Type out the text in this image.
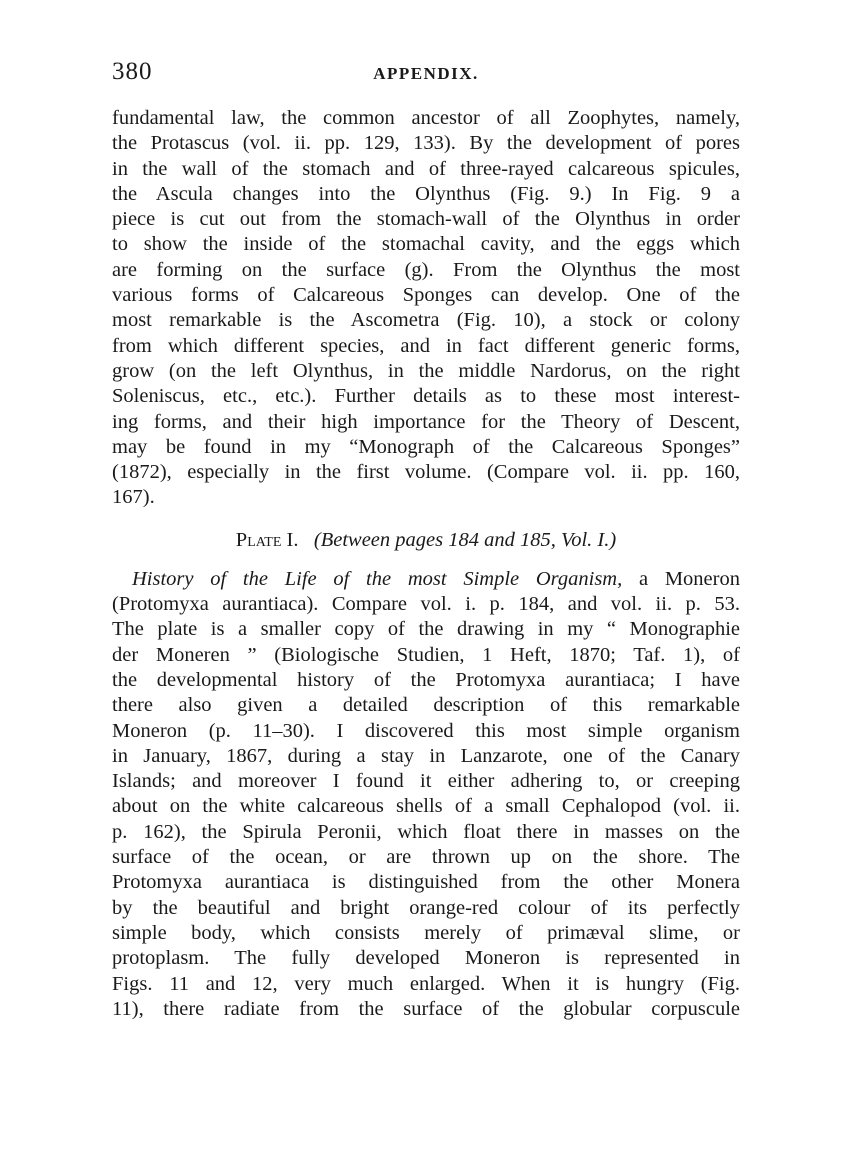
380	APPENDIX.
fundamental law, the common ancestor of all Zoophytes, namely,
the Protascus (vol. ii. pp. 129, 133). By the development of pores
in the wall of the stomach and of three-rayed calcareous spicules,
the Ascula changes into the Olynthus (Fig. 9.) In Fig. 9 a
piece is cut out from the stomach-wall of the Olynthus in order
to show the inside of the stomachal cavity, and the eggs which
are forming on the surface (g). From the Olynthus the most
various forms of Calcareous Sponges can develop. One of the
most remarkable is the Ascometra (Fig. 10), a stock or colony
from which different species, and in fact different generic forms,
grow (on the left Olynthus, in the middle Nardorus, on the right
Soleniscus, etc., etc.). Further details as to these most interest-
ing forms, and their high importance for the Theory of Descent,
may be found in my “Monograph of the Calcareous Sponges”
(1872), especially in the first volume. (Compare vol. ii. pp. 160,
167).
Plate I. (Between pages 184 and 185, Vol. I.)
History of the Life of the most Simple Organism, a Moneron
(Protomyxa aurantiaca). Compare vol. i. p. 184, and vol. ii. p. 53.
The plate is a smaller copy of the drawing in my “ Monographie
der Moneren ” (Biologische Studien, 1 Heft, 1870; Taf. 1), of
the developmental history of the Protomyxa aurantiaca; I have
there also given a detailed description of this remarkable
Moneron (p. 11–30). I discovered this most simple organism
in January, 1867, during a stay in Lanzarote, one of the Canary
Islands; and moreover I found it either adhering to, or creeping
about on the white calcareous shells of a small Cephalopod (vol. ii.
p. 162), the Spirula Peronii, which float there in masses on the
surface of the ocean, or are thrown up on the shore. The
Protomyxa aurantiaca is distinguished from the other Monera
by the beautiful and bright orange-red colour of its perfectly
simple body, which consists merely of primæval slime, or
protoplasm. The fully developed Moneron is represented in
Figs. 11 and 12, very much enlarged. When it is hungry (Fig.
11), there radiate from the surface of the globular corpuscule
